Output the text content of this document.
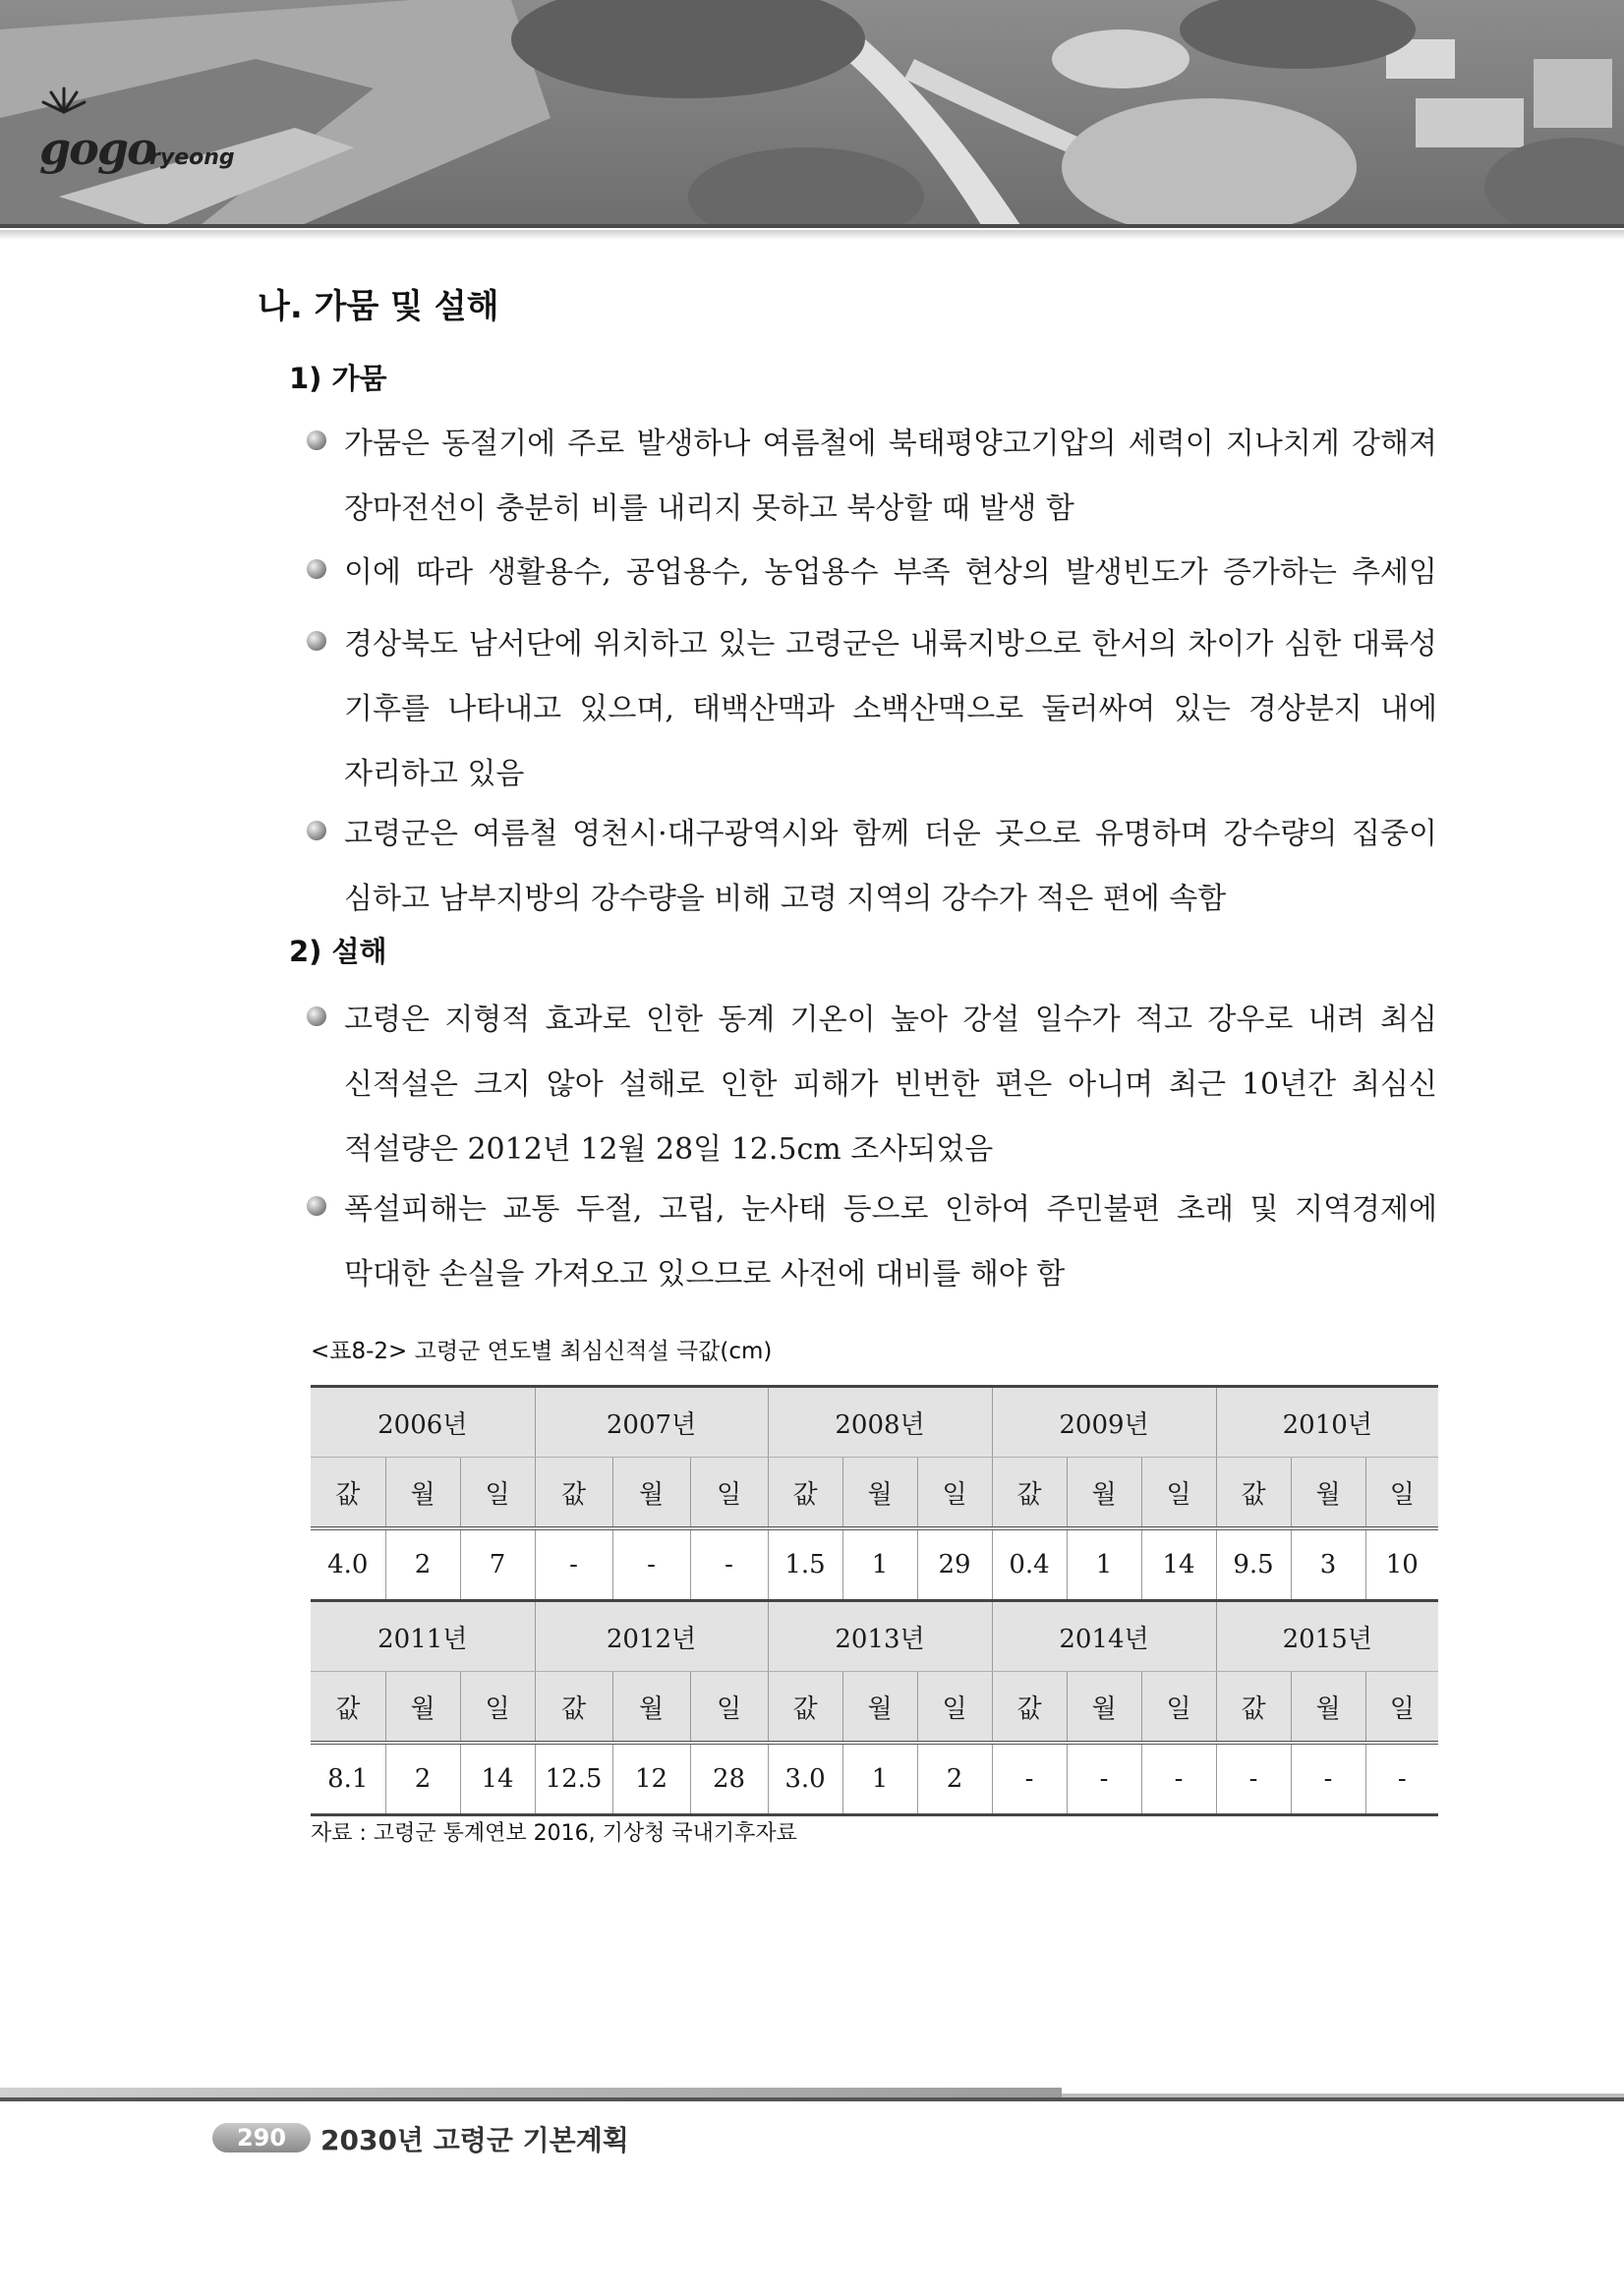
gogo
ryeong
나. 가뭄 및 설해
1) 가뭄
가뭄은 동절기에 주로 발생하나 여름철에 북태평양고기압의 세력이 지나치게 강해져
장마전선이 충분히 비를 내리지 못하고 북상할 때 발생 함
이에 따라 생활용수, 공업용수, 농업용수 부족 현상의 발생빈도가 증가하는 추세임
경상북도 남서단에 위치하고 있는 고령군은 내륙지방으로 한서의 차이가 심한 대륙성
기후를 나타내고 있으며, 태백산맥과 소백산맥으로 둘러싸여 있는 경상분지 내에
자리하고 있음
고령군은 여름철 영천시·대구광역시와 함께 더운 곳으로 유명하며 강수량의 집중이
심하고 남부지방의 강수량을 비해 고령 지역의 강수가 적은 편에 속함
2) 설해
고령은 지형적 효과로 인한 동계 기온이 높아 강설 일수가 적고 강우로 내려 최심
신적설은 크지 않아 설해로 인한 피해가 빈번한 편은 아니며 최근 10년간 최심신
적설량은 2012년 12월 28일 12.5cm 조사되었음
폭설피해는 교통 두절, 고립, 눈사태 등으로 인하여 주민불편 초래 및 지역경제에
막대한 손실을 가져오고 있으므로 사전에 대비를 해야 함
<표8-2> 고령군 연도별 최심신적설 극값(cm)
2006년			2007년			2008년			2009년			2010년		
값	월	일	값	월	일	값	월	일	값	월	일	값	월	일
4.0	2	7	-	-	-	1.5	1	29	0.4	1	14	9.5	3	10
2011년			2012년			2013년			2014년			2015년		
값	월	일	값	월	일	값	월	일	값	월	일	값	월	일
8.1	2	14	12.5	12	28	3.0	1	2	-	-	-	-	-	-
자료 : 고령군 통계연보 2016, 기상청 국내기후자료
290	2030년 고령군 기본계획
